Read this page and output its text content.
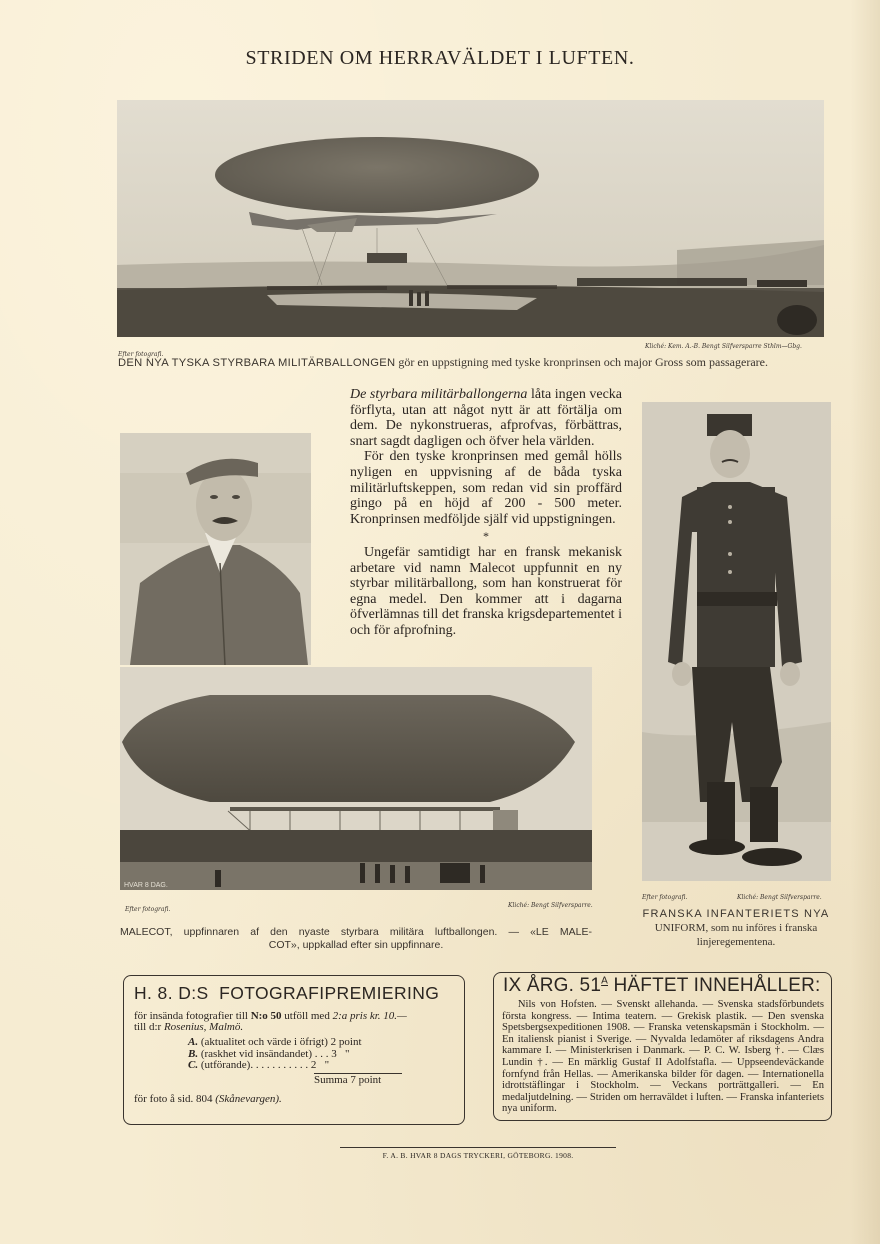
STRIDEN OM HERRAVÄLDET I LUFTEN.
Kliché: Kem. A.-B. Bengt Silfversparre Sthlm—Gbg.
Efter fotografi.
DEN NYA TYSKA STYRBARA MILITÄRBALLONGEN gör en uppstigning med tyske kronprinsen och major Gross som passagerare.

De styrbara militärballongerna låta ingen vecka förflyta, utan att något nytt är att förtälja om dem. De nykonstrueras, afprofvas, förbättras, snart sagdt dagligen och öfver hela världen.

För den tyske kronprinsen med gemål hölls nyligen en uppvisning af de båda tyska militärluftskeppen, som redan vid sin proffärd gingo på en höjd af 200 - 500 meter. Kronprinsen medföljde själf vid uppstigningen.

*

Ungefär samtidigt har en fransk mekanisk arbetare vid namn Malecot uppfunnit en ny styrbar militärballong, som han konstruerat för egna medel. Den kommer att i dagarna öfverlämnas till det franska krigsdepartementet i och för afprofning.

HVAR 8 DAG.
Efter fotografi.
Kliché: Bengt Silfversparre.
MALECOT, uppfinnaren af den nyaste styrbara militära luftballongen. — «LE MALE-
COT», uppkallad efter sin uppfinnare.
Efter fotografi.	Kliché: Bengt Silfversparre.
FRANSKA INFANTERIETS NYA
UNIFORM, som nu införes i franska
linjeregementena.
H. 8. D:S  FOTOGRAFIPREMIERING
för insända fotografier till N:o 50 utföll med 2:a pris kr. 10.—
till d:r Rosenius, Malmö.
A. (aktualitet och värde i öfrigt) 2 point
B. (raskhet vid insändandet) . . . 3 "
C. (utförande). . . . . . . . . . . 2 "
Summa 7 point
för foto å sid. 804 (Skånevargen).
IX ÅRG. $51^A$ HÄFTET INNEHÅLLER:
Nils von Hofsten. — Svenskt allehanda. — Svenska stadsförbundets första kongress. — Intima teatern. — Grekisk plastik. — Den svenska Spetsbergsexpeditionen 1908. — Franska vetenskapsmän i Stockholm. — En italiensk pianist i Sverige. — Nyvalda ledamöter af riksdagens Andra kammare I. — Ministerkrisen i Danmark. — P. C. W. Isberg †. — Clæs Lundin †. — En märklig Gustaf II Adolfstafla. — Uppseendeväckande fornfynd från Hellas. — Amerikanska bilder för dagen. — Internationella idrottstäflingar i Stockholm. — Veckans porträttgalleri. — En medaljutdelning. — Striden om herraväldet i luften. — Franska infanteriets nya uniform.
F. A. B. HVAR 8 DAGS TRYCKERI, GÖTEBORG. 1908.
